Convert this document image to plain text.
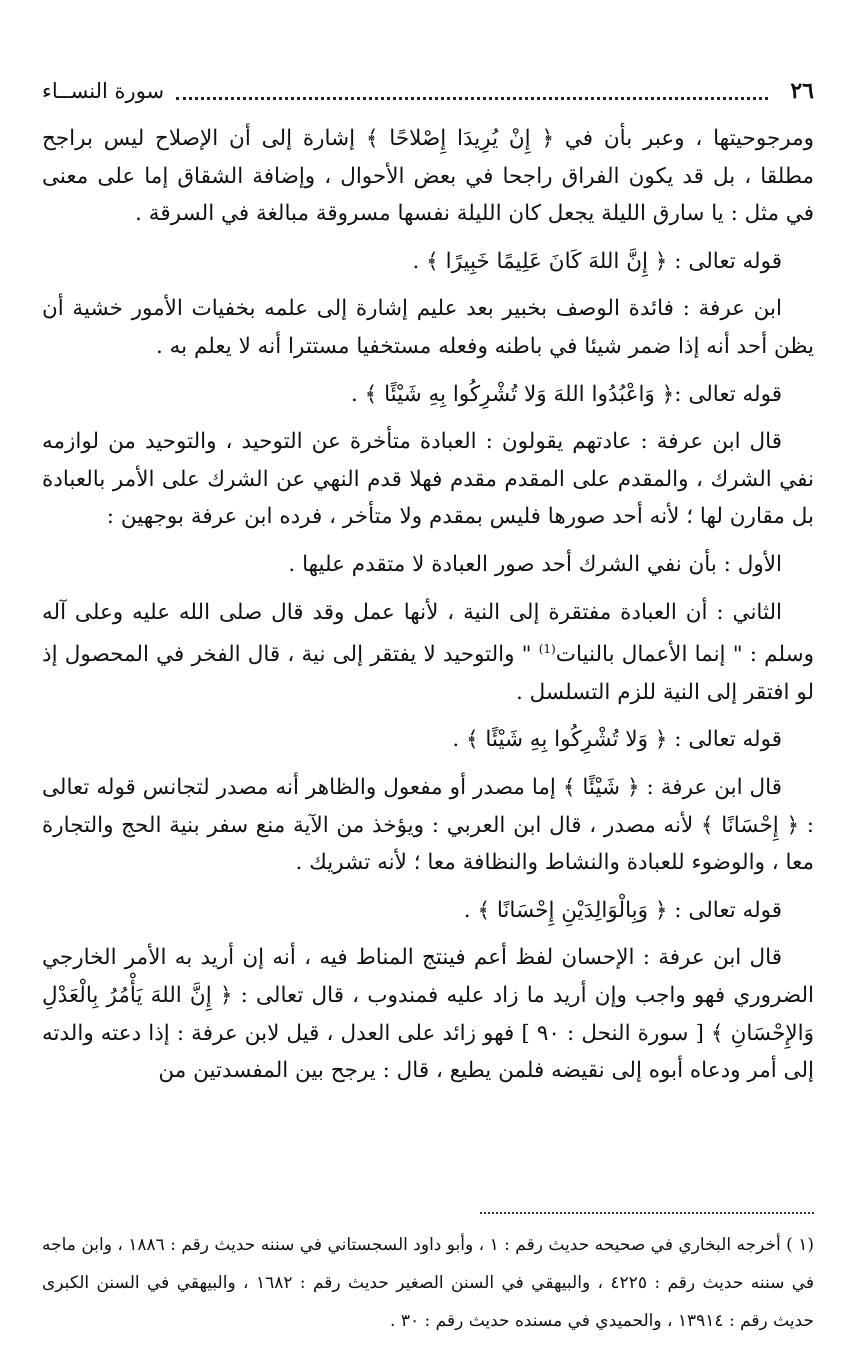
٢٦
سورة النســاء

ومرجوحيتها ، وعبر بأن في ﴿ إِنْ يُرِيدَا إِصْلاحًا ﴾ إشارة إلى أن الإصلاح ليس براجح مطلقا ، بل قد يكون الفراق راجحا في بعض الأحوال ، وإضافة الشقاق إما على معنى في مثل : يا سارق الليلة يجعل كان الليلة نفسها مسروقة مبالغة في السرقة .

قوله تعالى : ﴿ إِنَّ اللهَ كَانَ عَلِيمًا خَبِيرًا ﴾ .

ابن عرفة : فائدة الوصف بخبير بعد عليم إشارة إلى علمه بخفيات الأمور خشية أن يظن أحد أنه إذا ضمر شيئا في باطنه وفعله مستخفيا مستترا أنه لا يعلم به .

قوله تعالى :﴿ وَاعْبُدُوا اللهَ وَلا تُشْرِكُوا بِهِ شَيْئًا ﴾ .

قال ابن عرفة : عادتهم يقولون : العبادة متأخرة عن التوحيد ، والتوحيد من لوازمه نفي الشرك ، والمقدم على المقدم مقدم فهلا قدم النهي عن الشرك على الأمر بالعبادة بل مقارن لها ؛ لأنه أحد صورها فليس بمقدم ولا متأخر ، فرده ابن عرفة بوجهين :

الأول : بأن نفي الشرك أحد صور العبادة لا متقدم عليها .

الثاني : أن العبادة مفتقرة إلى النية ، لأنها عمل وقد قال صلى الله عليه وعلى آله وسلم : " إنما الأعمال بالنيات$^{(1)}$ " والتوحيد لا يفتقر إلى نية ، قال الفخر في المحصول إذ لو افتقر إلى النية للزم التسلسل .

قوله تعالى : ﴿ وَلا تُشْرِكُوا بِهِ شَيْئًا ﴾ .

قال ابن عرفة : ﴿ شَيْئًا ﴾ إما مصدر أو مفعول والظاهر أنه مصدر لتجانس قوله تعالى : ﴿ إِحْسَانًا ﴾ لأنه مصدر ، قال ابن العربي : ويؤخذ من الآية منع سفر بنية الحج والتجارة معا ، والوضوء للعبادة والنشاط والنظافة معا ؛ لأنه تشريك .

قوله تعالى : ﴿ وَبِالْوَالِدَيْنِ إِحْسَانًا ﴾ .

قال ابن عرفة : الإحسان لفظ أعم فينتج المناط فيه ، أنه إن أريد به الأمر الخارجي الضروري فهو واجب وإن أريد ما زاد عليه فمندوب ، قال تعالى : ﴿ إِنَّ اللهَ يَأْمُرُ بِالْعَدْلِ وَالإِحْسَانِ ﴾ [ سورة النحل : ٩٠ ] فهو زائد على العدل ، قيل لابن عرفة : إذا دعته والدته إلى أمر ودعاه أبوه إلى نقيضه فلمن يطيع ، قال : يرجح بين المفسدتين من

(١ ) أخرجه البخاري في صحيحه حديث رقم : ١ ، وأبو داود السجستاني في سننه حديث رقم : ١٨٨٦ ، وابن ماجه في سننه حديث رقم : ٤٢٢٥ ، والبيهقي في السنن الصغير حديث رقم : ١٦٨٢ ، والبيهقي في السنن الكبرى حديث رقم : ١٣٩١٤ ، والحميدي في مسنده حديث رقم : ٣٠ .
